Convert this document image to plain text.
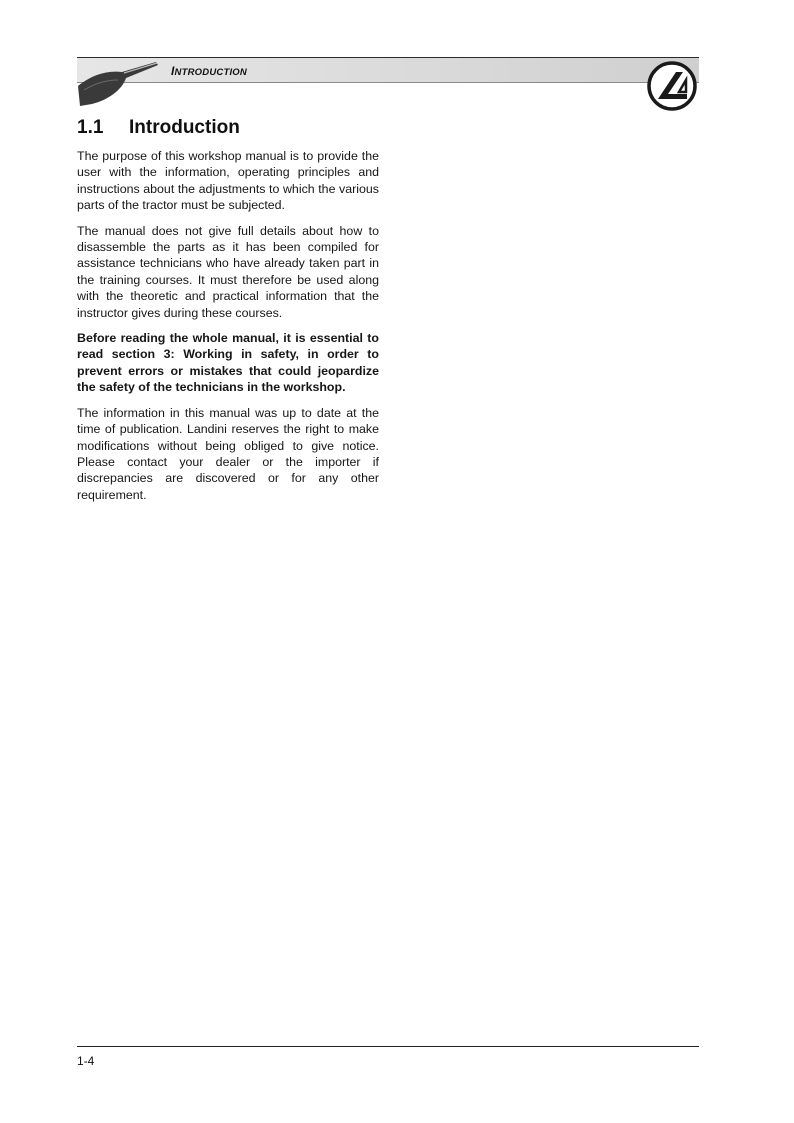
INTRODUCTION
1.1 Introduction

The purpose of this workshop manual is to provide the user with the information, operating principles and instructions about the adjustments to which the various parts of the tractor must be subjected.

The manual does not give full details about how to disassemble the parts as it has been compiled for assistance technicians who have already taken part in the training courses. It must therefore be used along with the theoretic and practical information that the instructor gives during these courses.

Before reading the whole manual, it is essential to read section 3: Working in safety, in order to prevent errors or mistakes that could jeopardize the safety of the technicians in the workshop.

The information in this manual was up to date at the time of publication. Landini reserves the right to make modifications without being obliged to give notice. Please contact your dealer or the importer if discrepancies are discovered or for any other requirement.

1-4
